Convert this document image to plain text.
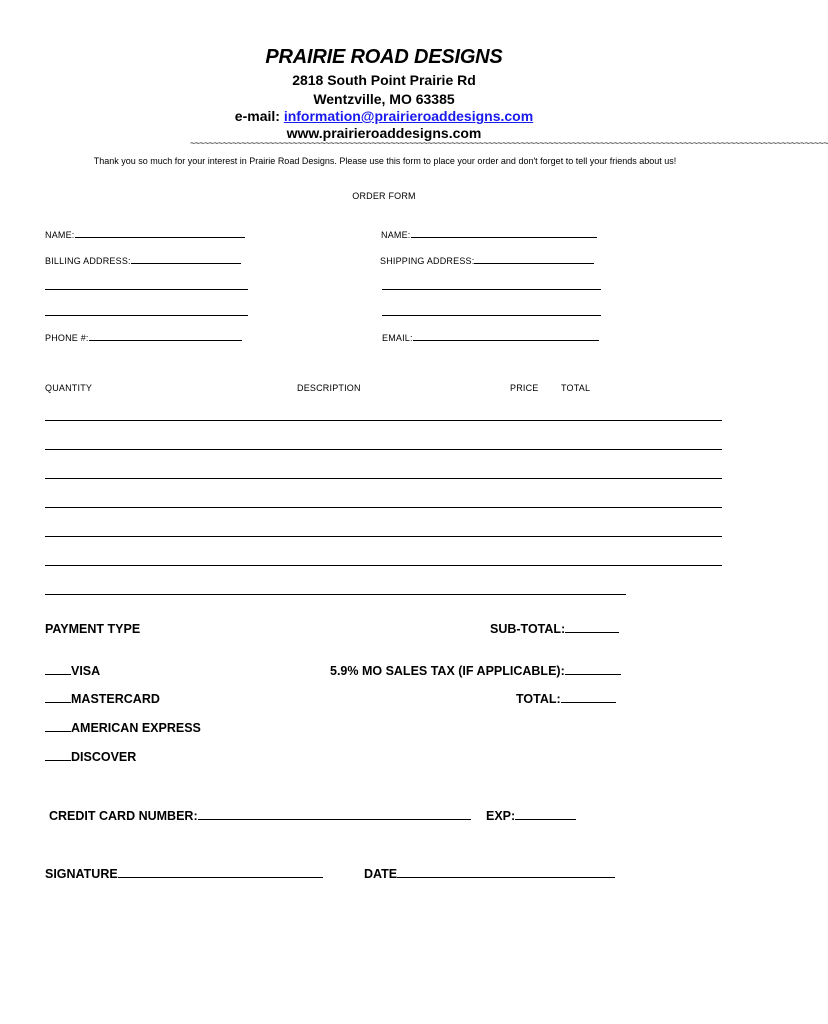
PRAIRIE ROAD DESIGNS
2818 South Point Prairie Rd
Wentzville, MO 63385
e-mail: information@prairieroaddesigns.com
www.prairieroaddesigns.com
~~~~~~~~~~~~~~~~~~~~~~~~~~~~~~~~~~~~~~~~~~~~~~~~~~~~~~~~~~~~~~~~~~~~~~~~~~~~~~~~~~~~~~~~~~~~~~~~~~~~~~~~~~~~~~~~~~~~~~~~~~~~~~~~~~~~~~~~~
Thank you so much for your interest in Prairie Road Designs. Please use this form to place your order and don't forget to tell your friends about us!
ORDER FORM
NAME:	NAME:
BILLING ADDRESS:	SHIPPING ADDRESS:
PHONE #:	EMAIL:
QUANTITY	DESCRIPTION	PRICE TOTAL
PAYMENT TYPE	SUB-TOTAL:
VISA	5.9% MO SALES TAX (IF APPLICABLE):
MASTERCARD	TOTAL:
AMERICAN EXPRESS
DISCOVER
CREDIT CARD NUMBER:	EXP:
SIGNATURE	DATE
